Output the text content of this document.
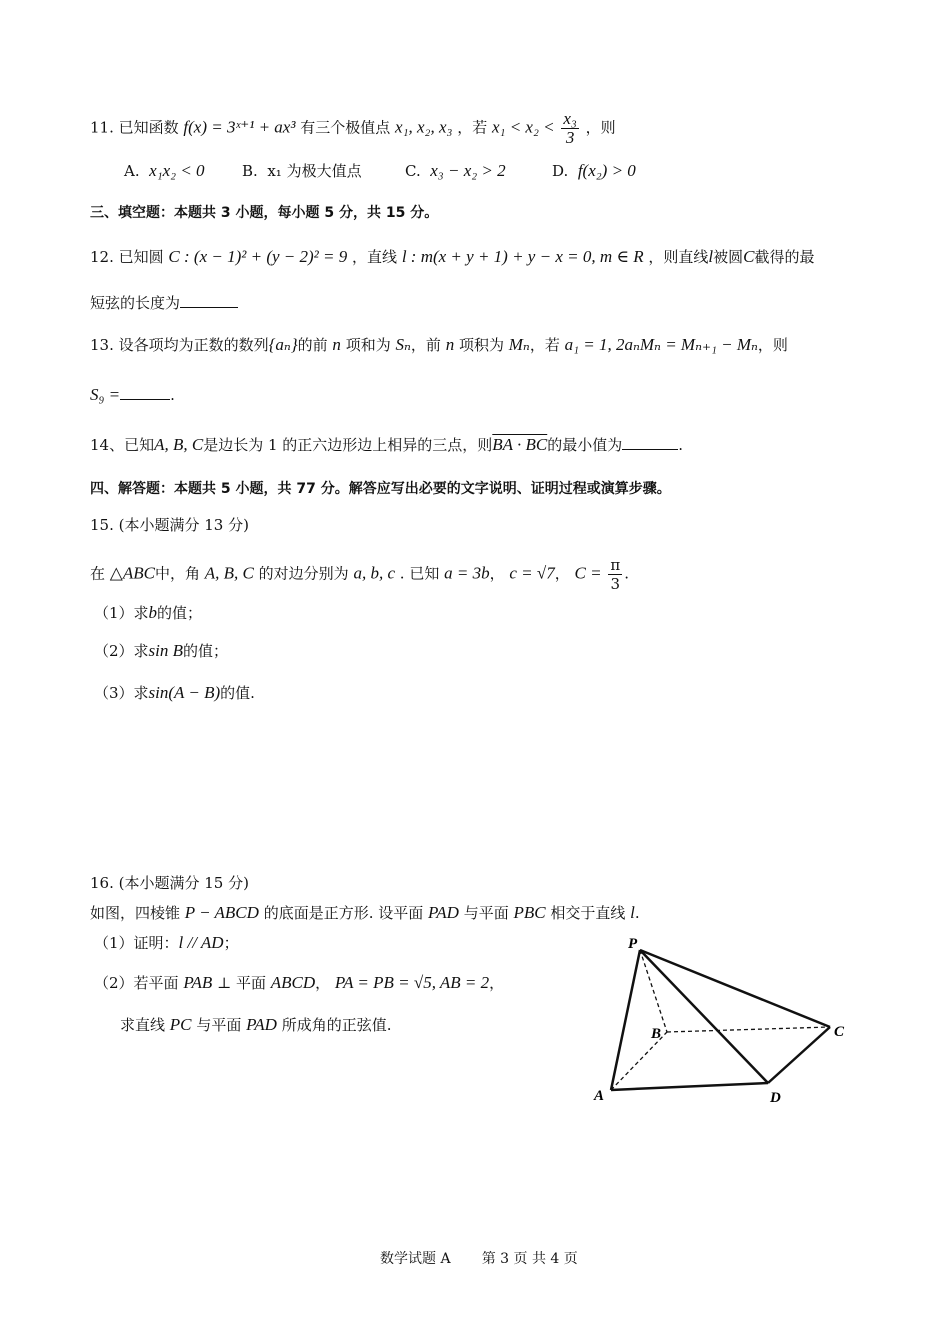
11. 已知函数 f(x) = 3ˣ⁺¹ + ax³ 有三个极值点 x₁, x₂, x₃ ，若 $x_1 < x_2 < \frac{\text{x₃}}{3}$ ，则
A. x₁x₂ < 0 B. x₁ 为极大值点	C. x₃ − x₂ > 2	D. f(x₂) > 0
三、填空题：本题共 3 小题，每小题 5 分，共 15 分。
12. 已知圆 C : (x − 1)² + (y − 2)² = 9 ，直线 l : m(x + y + 1) + y − x = 0, m ∈ R ，则直线l被圆C截得的最
短弦的长度为
13. 设各项均为正数的数列{aₙ}的前 n 项和为 Sₙ，前 n 项积为 Mₙ，若 a₁ = 1, 2aₙMₙ = Mₙ₊₁ − Mₙ，则
S₉ =	.
14、已知A, B, C是边长为 1 的正六边形边上相异的三点，则BA · BC的最小值为	.
四、解答题：本题共 5 小题，共 77 分。解答应写出必要的文字说明、证明过程或演算步骤。
15. (本小题满分 13 分)
在 △ABC中，角 A, B, C 的对边分别为 a, b, c . 已知 a = 3b， c = √7， $C = \frac{\pi}{3}$ .
（1）求b的值；
（2）求sin B的值；
（3）求sin(A − B)的值.
16. (本小题满分 15 分)
如图，四棱锥 P − ABCD 的底面是正方形. 设平面 PAD 与平面 PBC 相交于直线 l.
（1）证明：l // AD；
（2）若平面 PAB ⊥ 平面 ABCD， PA = PB = √5, AB = 2，
求直线 PC 与平面 PAD 所成角的正弦值.
P
B	C
A	D
数学试题 A       第 3 页 共 4 页
